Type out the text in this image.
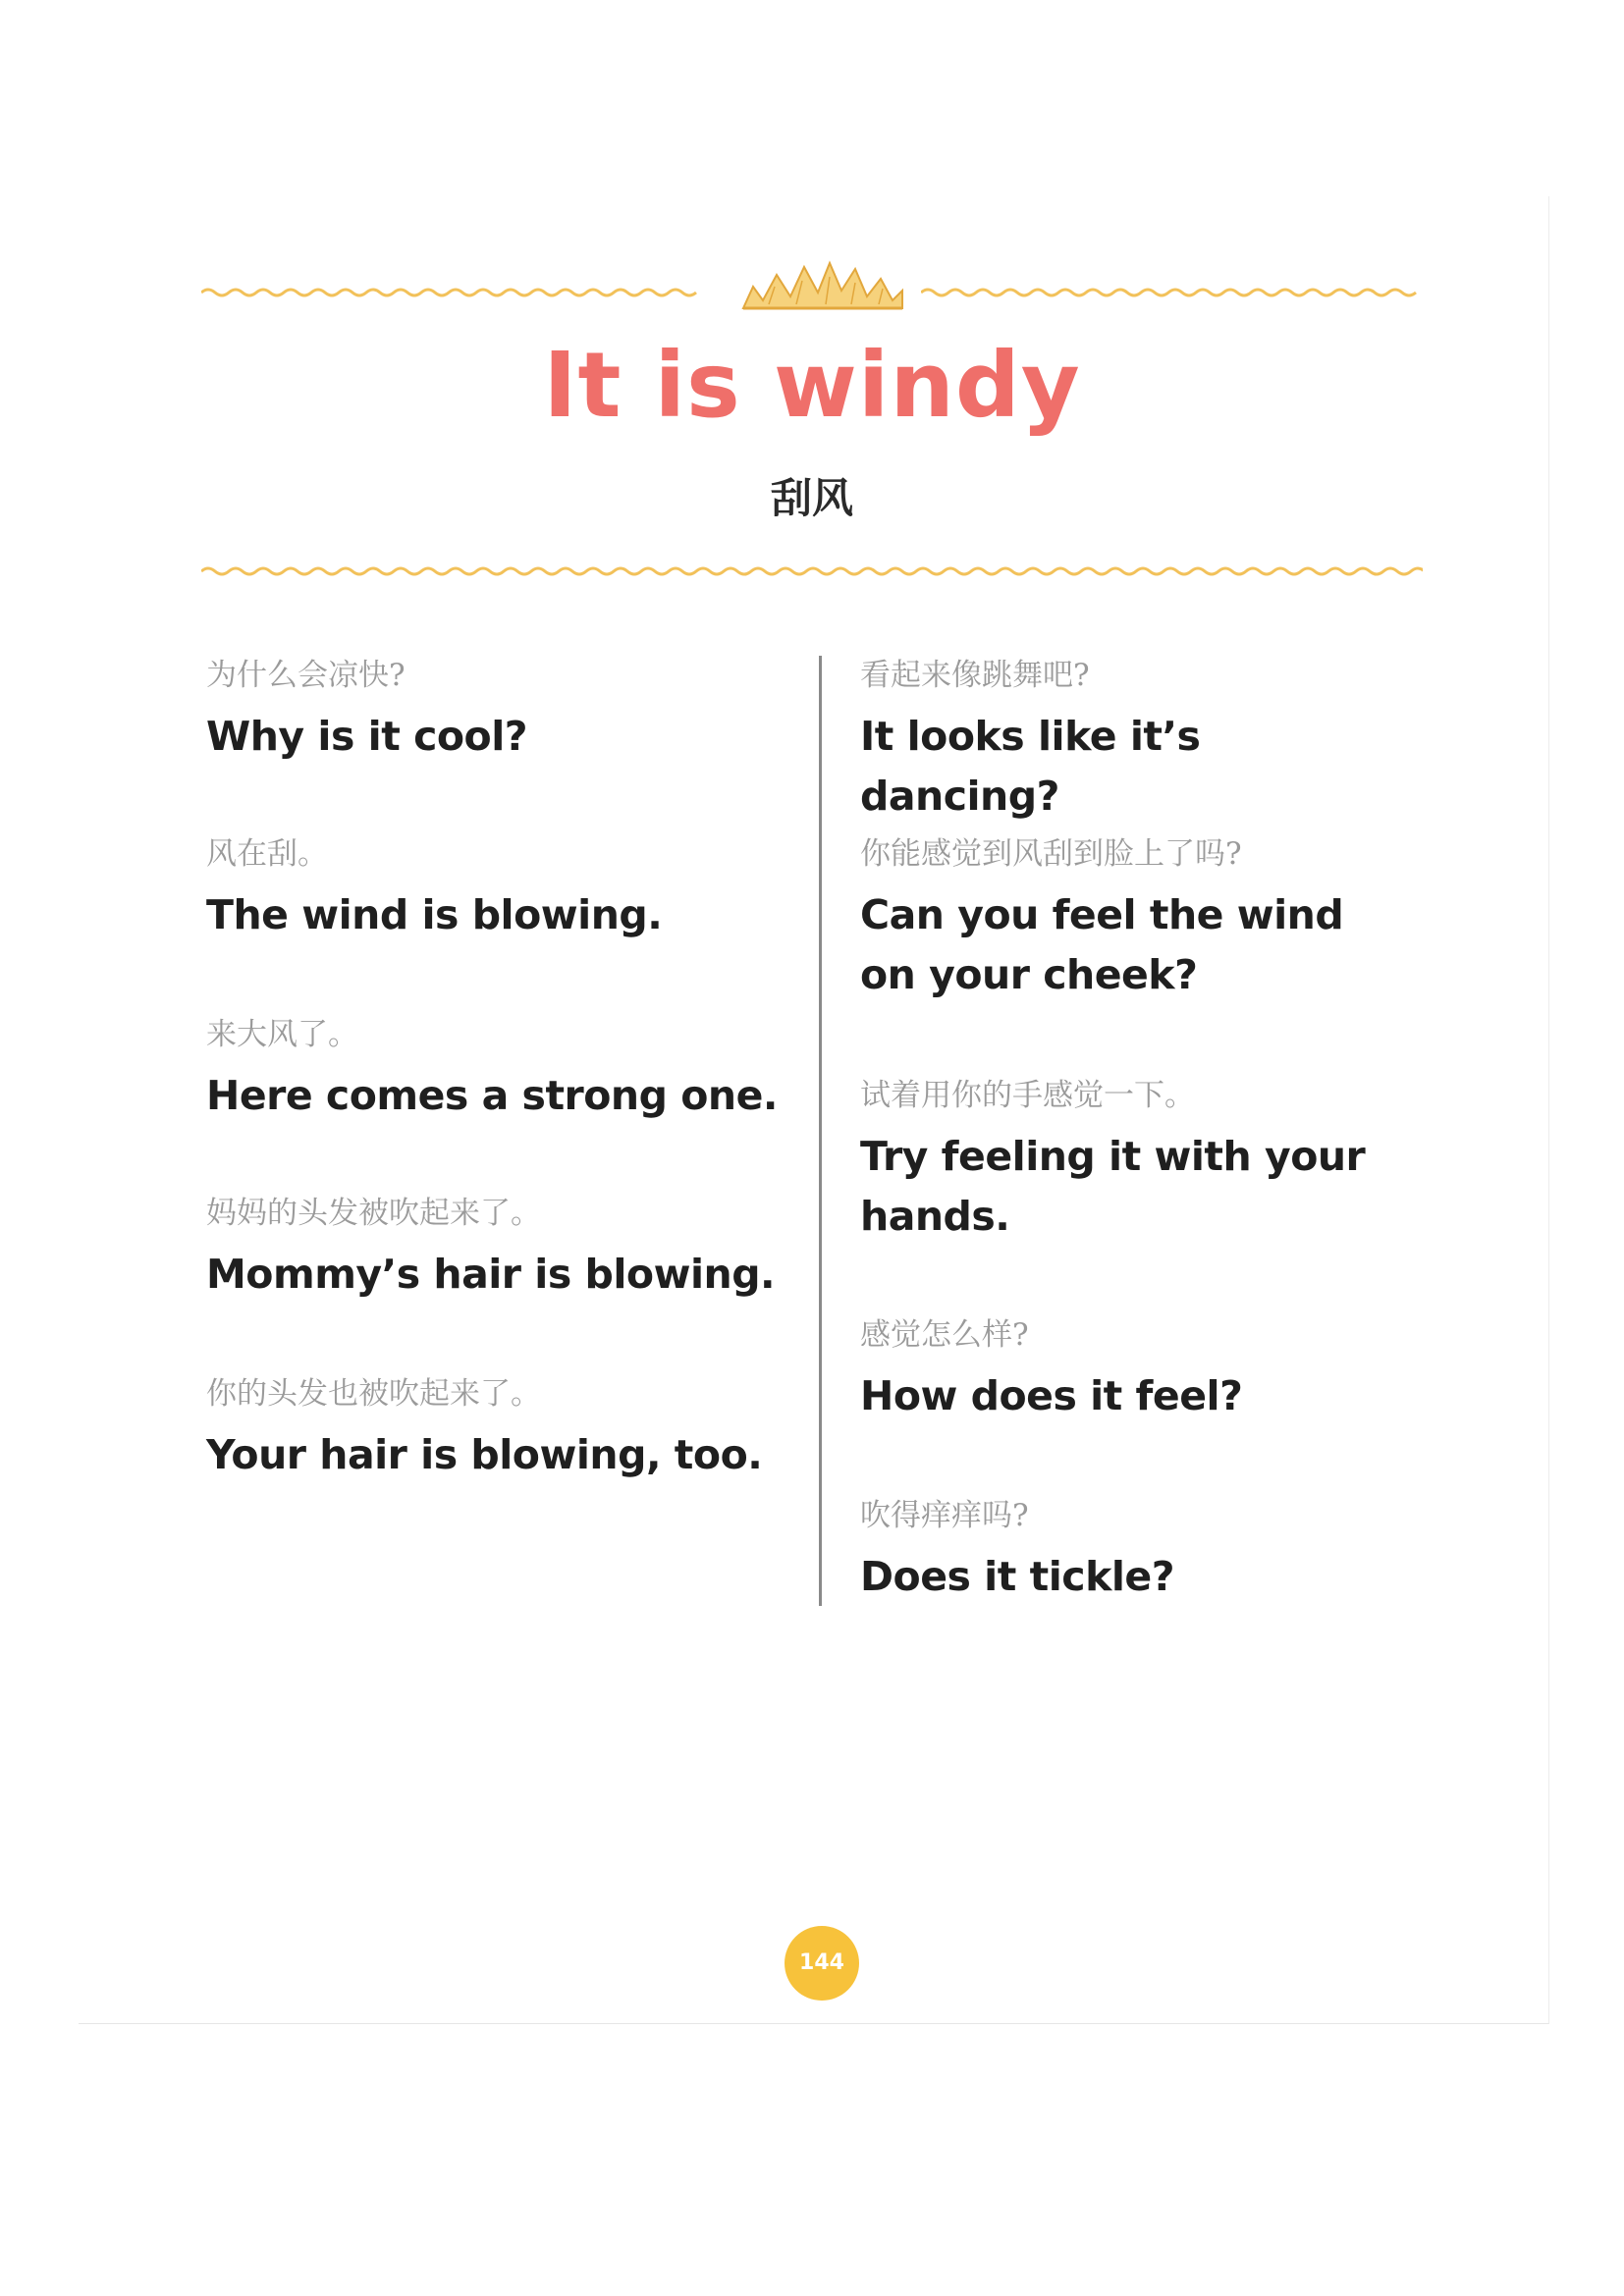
It is windy
刮风
为什么会凉快?
Why is it cool?
风在刮。
The wind is blowing.
来大风了。
Here comes a strong one.
妈妈的头发被吹起来了。
Mommy’s hair is blowing.
你的头发也被吹起来了。
Your hair is blowing, too.
看起来像跳舞吧?
It looks like it’s dancing?
你能感觉到风刮到脸上了吗?
Can you feel the wind on your cheek?
试着用你的手感觉一下。
Try feeling it with your hands.
感觉怎么样?
How does it feel?
吹得痒痒吗?
Does it tickle?
144
